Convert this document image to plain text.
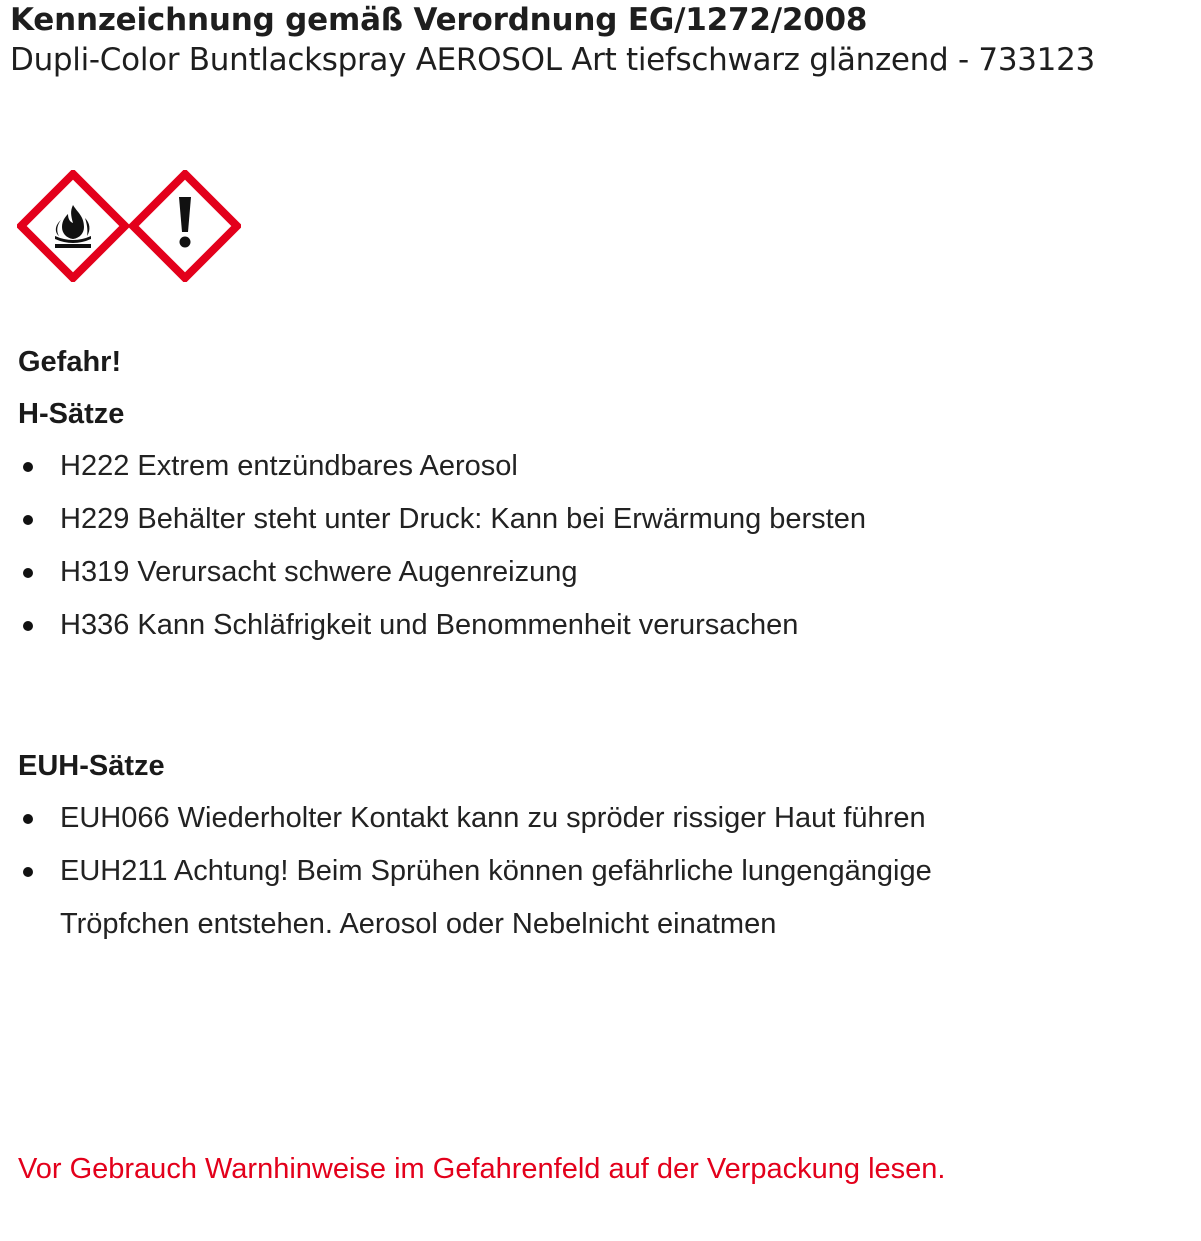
Kennzeichnung gemäß Verordnung EG/1272/2008

Dupli-Color Buntlackspray AEROSOL Art tiefschwarz glänzend - 733123

Gefahr!

H-Sätze

H222 Extrem entzündbares Aerosol
H229 Behälter steht unter Druck: Kann bei Erwärmung bersten
H319 Verursacht schwere Augenreizung
H336 Kann Schläfrigkeit und Benommenheit verursachen

EUH-Sätze

EUH066 Wiederholter Kontakt kann zu spröder rissiger Haut führen
EUH211 Achtung! Beim Sprühen können gefährliche lungengängige Tröpfchen entstehen. Aerosol oder Nebelnicht einatmen

Vor Gebrauch Warnhinweise im Gefahrenfeld auf der Verpackung lesen.
